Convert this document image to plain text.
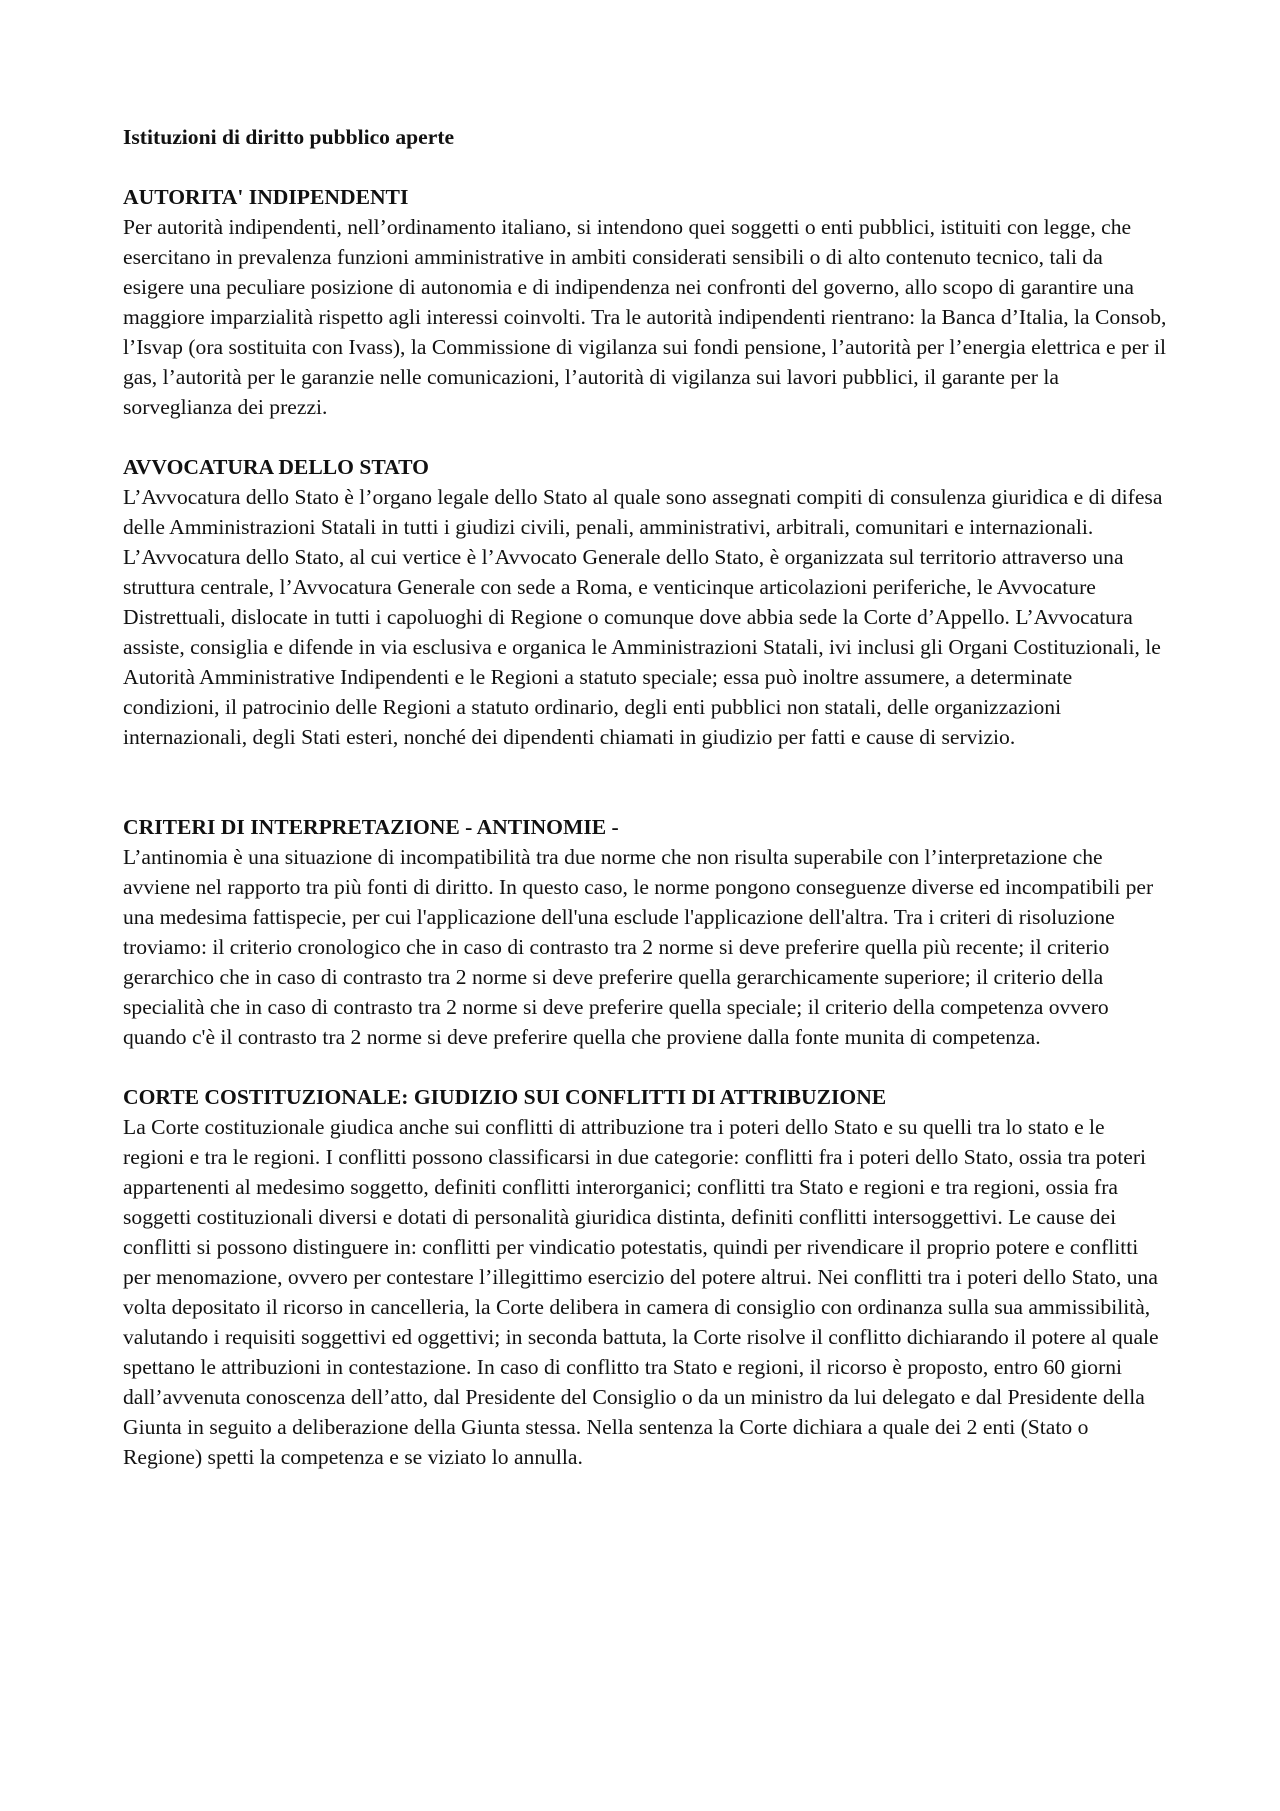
Istituzioni di diritto pubblico aperte

AUTORITA' INDIPENDENTI

Per autorità indipendenti, nell’ordinamento italiano, si intendono quei soggetti o enti pubblici, istituiti con legge, che esercitano in prevalenza funzioni amministrative in ambiti considerati sensibili o di alto contenuto tecnico, tali da esigere una peculiare posizione di autonomia e di indipendenza nei confronti del governo, allo scopo di garantire una maggiore imparzialità rispetto agli interessi coinvolti. Tra le autorità indipendenti rientrano: la Banca d’Italia, la Consob, l’Isvap (ora sostituita con Ivass), la Commissione di vigilanza sui fondi pensione, l’autorità per l’energia elettrica e per il gas, l’autorità per le garanzie nelle comunicazioni, l’autorità di vigilanza sui lavori pubblici, il garante per la sorveglianza dei prezzi.

AVVOCATURA DELLO STATO

L’Avvocatura dello Stato è l’organo legale dello Stato al quale sono assegnati compiti di consulenza giuridica e di difesa delle Amministrazioni Statali in tutti i giudizi civili, penali, amministrativi, arbitrali, comunitari e internazionali. L’Avvocatura dello Stato, al cui vertice è l’Avvocato Generale dello Stato, è organizzata sul territorio attraverso una struttura centrale, l’Avvocatura Generale con sede a Roma, e venticinque articolazioni periferiche, le Avvocature Distrettuali, dislocate in tutti i capoluoghi di Regione o comunque dove abbia sede la Corte d’Appello. L’Avvocatura assiste, consiglia e difende in via esclusiva e organica le Amministrazioni Statali, ivi inclusi gli Organi Costituzionali, le Autorità Amministrative Indipendenti e le Regioni a statuto speciale; essa può inoltre assumere, a determinate condizioni, il patrocinio delle Regioni a statuto ordinario, degli enti pubblici non statali, delle organizzazioni internazionali, degli Stati esteri, nonché dei dipendenti chiamati in giudizio per fatti e cause di servizio.

CRITERI DI INTERPRETAZIONE - ANTINOMIE -

L’antinomia è una situazione di incompatibilità tra due norme che non risulta superabile con l’interpretazione che avviene nel rapporto tra più fonti di diritto. In questo caso, le norme pongono conseguenze diverse ed incompatibili per una medesima fattispecie, per cui l'applicazione dell'una esclude l'applicazione dell'altra. Tra i criteri di risoluzione troviamo: il criterio cronologico che in caso di contrasto tra 2 norme si deve preferire quella più recente; il criterio gerarchico che in caso di contrasto tra 2 norme si deve preferire quella gerarchicamente superiore; il criterio della specialità che in caso di contrasto tra 2 norme si deve preferire quella speciale; il criterio della competenza ovvero quando c'è il contrasto tra 2 norme si deve preferire quella che proviene dalla fonte munita di competenza.

CORTE COSTITUZIONALE: GIUDIZIO SUI CONFLITTI DI ATTRIBUZIONE

La Corte costituzionale giudica anche sui conflitti di attribuzione tra i poteri dello Stato e su quelli tra lo stato e le regioni e tra le regioni. I conflitti possono classificarsi in due categorie: conflitti fra i poteri dello Stato, ossia tra poteri appartenenti al medesimo soggetto, definiti conflitti interorganici; conflitti tra Stato e regioni e tra regioni, ossia fra soggetti costituzionali diversi e dotati di personalità giuridica distinta, definiti conflitti intersoggettivi. Le cause dei conflitti si possono distinguere in: conflitti per vindicatio potestatis, quindi per rivendicare il proprio potere e conflitti per menomazione, ovvero per contestare l’illegittimo esercizio del potere altrui. Nei conflitti tra i poteri dello Stato, una volta depositato il ricorso in cancelleria, la Corte delibera in camera di consiglio con ordinanza sulla sua ammissibilità, valutando i requisiti soggettivi ed oggettivi; in seconda battuta, la Corte risolve il conflitto dichiarando il potere al quale spettano le attribuzioni in contestazione. In caso di conflitto tra Stato e regioni, il ricorso è proposto, entro 60 giorni dall’avvenuta conoscenza dell’atto, dal Presidente del Consiglio o da un ministro da lui delegato e dal Presidente della Giunta in seguito a deliberazione della Giunta stessa. Nella sentenza la Corte dichiara a quale dei 2 enti (Stato o Regione) spetti la competenza e se viziato lo annulla.
